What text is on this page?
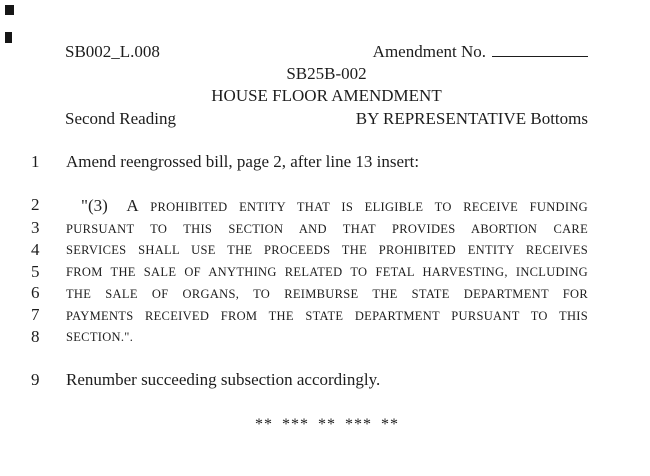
SB002_L.008	Amendment No.
SB25B-002
HOUSE FLOOR AMENDMENT
Second Reading	BY REPRESENTATIVE Bottoms
1 Amend reengrossed bill, page 2, after line 13 insert:
2 "(3) A PROHIBITED ENTITY THAT IS ELIGIBLE TO RECEIVE FUNDING
3 PURSUANT TO THIS SECTION AND THAT PROVIDES ABORTION CARE
4 SERVICES SHALL USE THE PROCEEDS THE PROHIBITED ENTITY RECEIVES
5 FROM THE SALE OF ANYTHING RELATED TO FETAL HARVESTING, INCLUDING
6 THE SALE OF ORGANS, TO REIMBURSE THE STATE DEPARTMENT FOR
7 PAYMENTS RECEIVED FROM THE STATE DEPARTMENT PURSUANT TO THIS
8 SECTION.".
9 Renumber succeeding subsection accordingly.
** *** ** *** **
